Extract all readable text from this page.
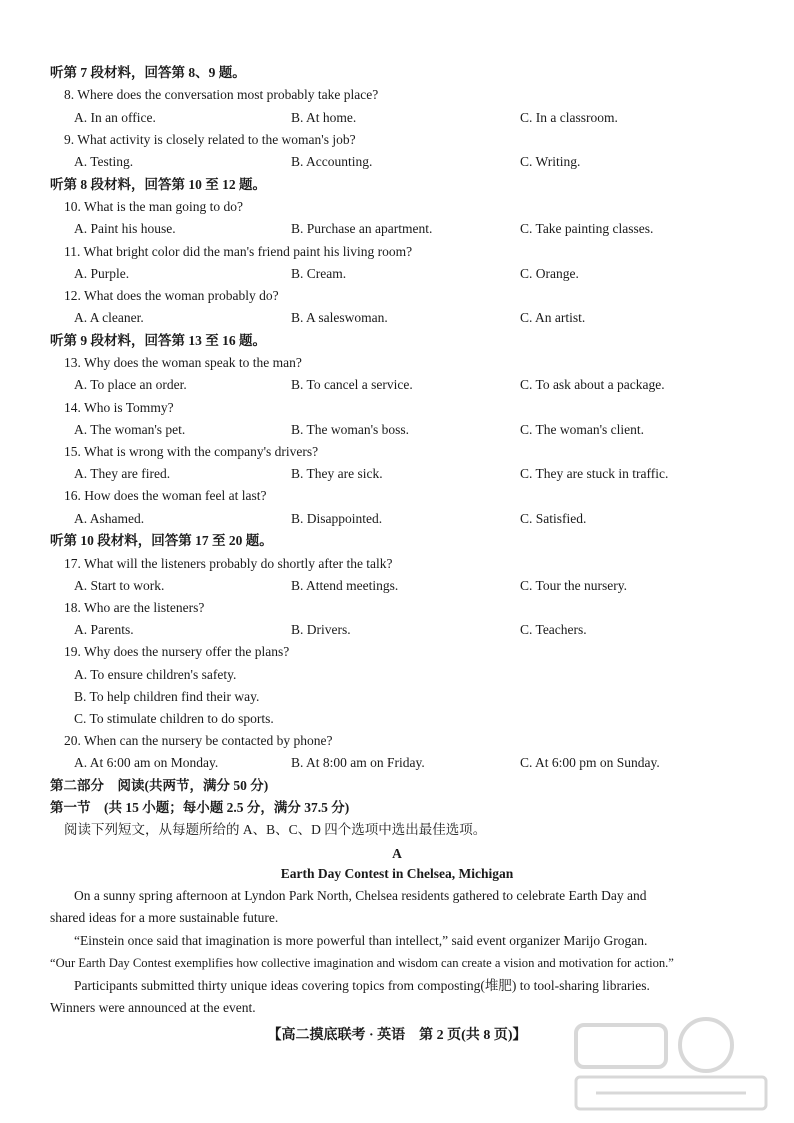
听第 7 段材料，回答第 8、9 题。
8. Where does the conversation most probably take place?
A. In an office.	B. At home.	C. In a classroom.
9. What activity is closely related to the woman's job?
A. Testing.	B. Accounting.	C. Writing.
听第 8 段材料，回答第 10 至 12 题。
10. What is the man going to do?
A. Paint his house.	B. Purchase an apartment.	C. Take painting classes.
11. What bright color did the man's friend paint his living room?
A. Purple.	B. Cream.	C. Orange.
12. What does the woman probably do?
A. A cleaner.	B. A saleswoman.	C. An artist.
听第 9 段材料，回答第 13 至 16 题。
13. Why does the woman speak to the man?
A. To place an order.	B. To cancel a service.	C. To ask about a package.
14. Who is Tommy?
A. The woman's pet.	B. The woman's boss.	C. The woman's client.
15. What is wrong with the company's drivers?
A. They are fired.	B. They are sick.	C. They are stuck in traffic.
16. How does the woman feel at last?
A. Ashamed.	B. Disappointed.	C. Satisfied.
听第 10 段材料，回答第 17 至 20 题。
17. What will the listeners probably do shortly after the talk?
A. Start to work.	B. Attend meetings.	C. Tour the nursery.
18. Who are the listeners?
A. Parents.	B. Drivers.	C. Teachers.
19. Why does the nursery offer the plans?
A. To ensure children's safety.
B. To help children find their way.
C. To stimulate children to do sports.
20. When can the nursery be contacted by phone?
A. At 6:00 am on Monday.	B. At 8:00 am on Friday.	C. At 6:00 pm on Sunday.
第二部分　阅读(共两节，满分 50 分)
第一节　(共 15 小题；每小题 2.5 分，满分 37.5 分)
阅读下列短文，从每题所给的 A、B、C、D 四个选项中选出最佳选项。
A
Earth Day Contest in Chelsea, Michigan
On a sunny spring afternoon at Lyndon Park North, Chelsea residents gathered to celebrate Earth Day and
shared ideas for a more sustainable future.
“Einstein once said that imagination is more powerful than intellect,” said event organizer Marijo Grogan.
“Our Earth Day Contest exemplifies how collective imagination and wisdom can create a vision and motivation for action.”
Participants submitted thirty unique ideas covering topics from composting(堆肥) to tool-sharing libraries.
Winners were announced at the event.
【高二摸底联考 · 英语　第 2 页(共 8 页)】
